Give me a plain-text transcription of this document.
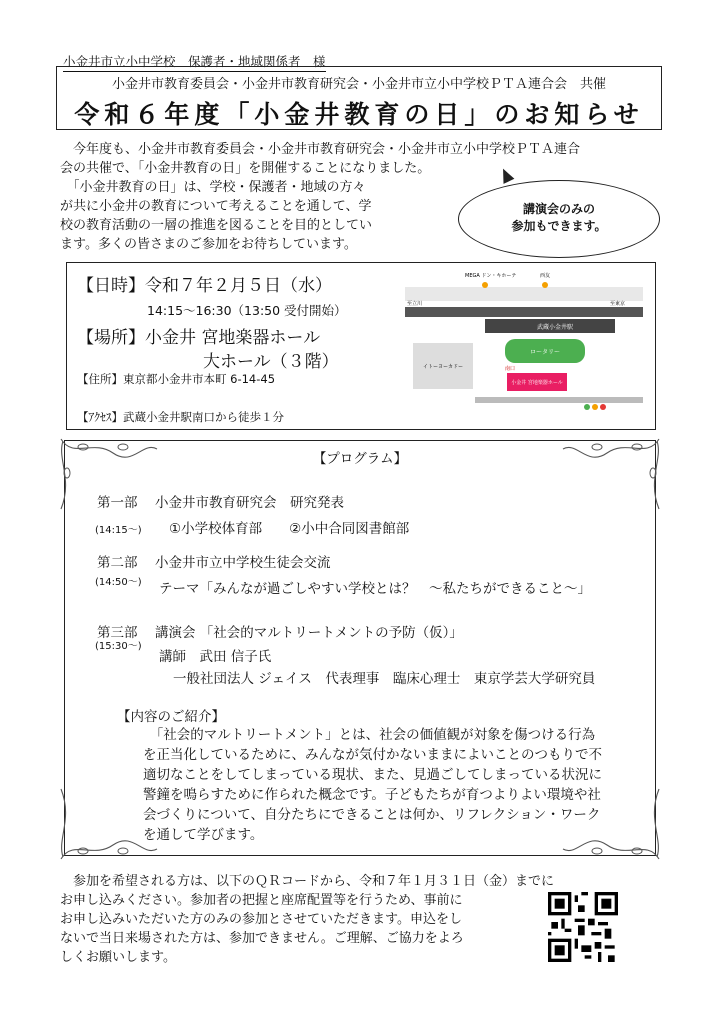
小金井市立小中学校　保護者・地域関係者　様
小金井市教育委員会・小金井市教育研究会・小金井市立小中学校ＰＴＡ連合会　共催
令和６年度「小金井教育の日」のお知らせ
　今年度も、小金井市教育委員会・小金井市教育研究会・小金井市立小中学校ＰＴＡ連合
会の共催で、「小金井教育の日」を開催することになりました。
　「小金井教育の日」は、学校・保護者・地域の方々
が共に小金井の教育について考えることを通して、学
校の教育活動の一層の推進を図ることを目的としてい
ます。多くの皆さまのご参加をお待ちしています。
講演会のみの
参加もできます。
【日時】令和７年２月５日（水）
14:15～16:30（13:50 受付開始）
【場所】小金井 宮地楽器ホール
大ホール（３階）
【住所】東京都小金井市本町 6-14-45
【ｱｸｾｽ】武蔵小金井駅南口から徒歩１分
武蔵小金井駅
ロータリー
イトーヨーカドー
小金井 宮地楽器ホール
MEGA ドン・キホーテ	西友
南口
至立川	至東京
【プログラム】
第一部 小金井市教育研究会　研究発表
(14:15～) ①小学校体育部　　②小中合同図書館部
第二部 小金井市立中学校生徒会交流
(14:50～) テーマ「みんなが過ごしやすい学校とは？　～私たちができること～」
第三部 講演会 「社会的マルトリートメントの予防（仮）」
(15:30～)
講師　武田 信子氏
一般社団法人 ジェイス　代表理事　臨床心理士　東京学芸大学研究員
【内容のご紹介】
　「社会的マルトリートメント」とは、社会の価値観が対象を傷つける行為
を正当化しているために、みんなが気付かないままによいことのつもりで不
適切なことをしてしまっている現状、また、見過ごしてしまっている状況に
警鐘を鳴らすために作られた概念です。子どもたちが育つよりよい環境や社
会づくりについて、自分たちにできることは何か、リフレクション・ワーク
を通して学びます。
　参加を希望される方は、以下のＱＲコードから、令和７年１月３１日（金）までに
お申し込みください。参加者の把握と座席配置等を行うため、事前に
お申し込みいただいた方のみの参加とさせていただきます。申込をし
ないで当日来場された方は、参加できません。ご理解、ご協力をよろ
しくお願いします。
